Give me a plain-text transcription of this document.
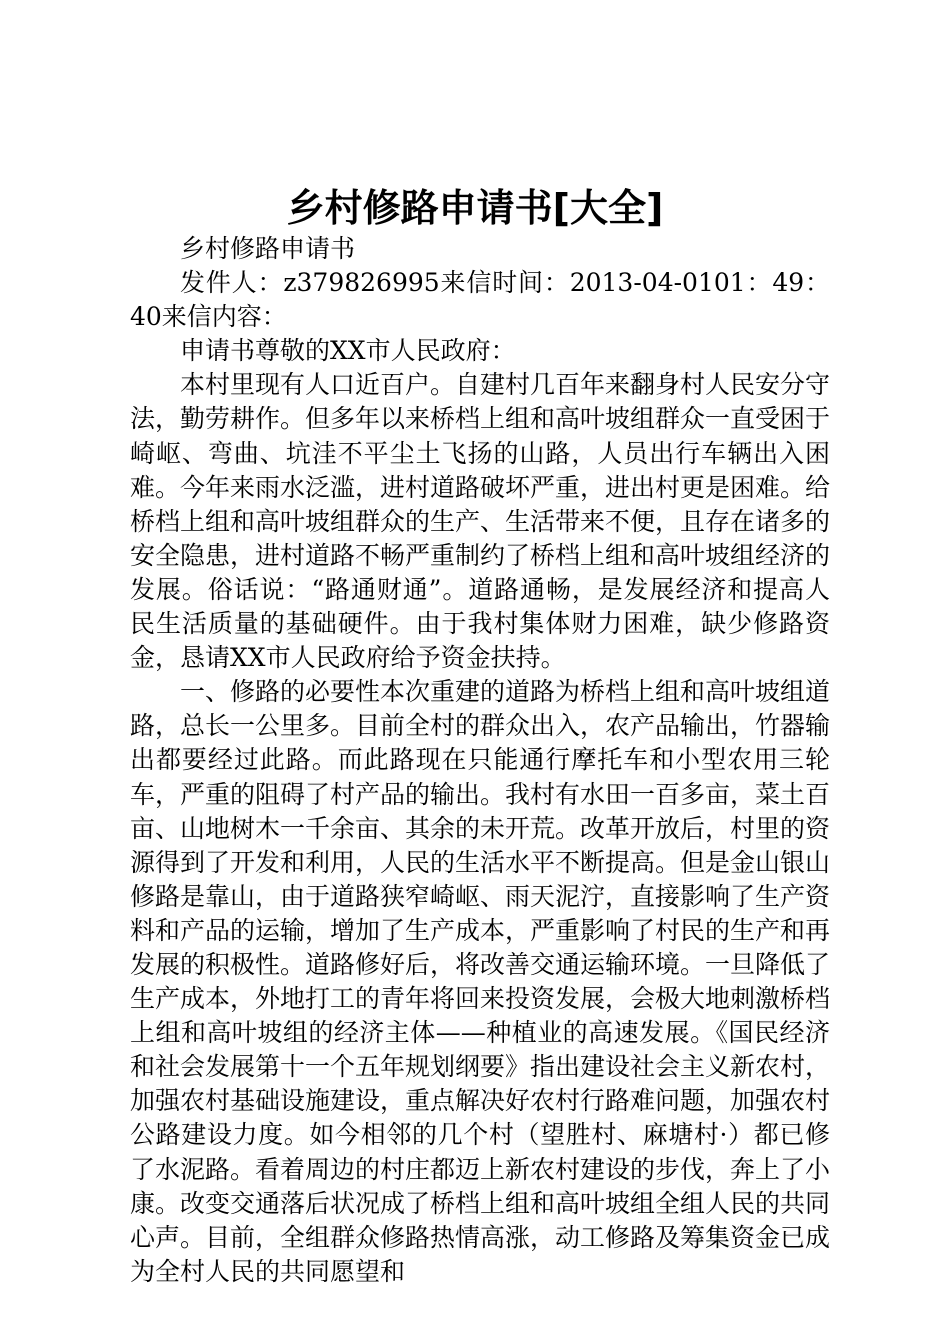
乡村修路申请书[大全]

乡村修路申请书

发件人：z379826995来信时间：2013-04-0101：49：40来信内容：

申请书尊敬的XX市人民政府：

本村里现有人口近百户。自建村几百年来翻身村人民安分守法，勤劳耕作。但多年以来桥档上组和高叶坡组群众一直受困于崎岖、弯曲、坑洼不平尘土飞扬的山路，人员出行车辆出入困难。今年来雨水泛滥，进村道路破坏严重，进出村更是困难。给桥档上组和高叶坡组群众的生产、生活带来不便，且存在诸多的安全隐患，进村道路不畅严重制约了桥档上组和高叶坡组经济的发展。俗话说：“路通财通”。道路通畅，是发展经济和提高人民生活质量的基础硬件。由于我村集体财力困难，缺少修路资金，恳请XX市人民政府给予资金扶持。

一、修路的必要性本次重建的道路为桥档上组和高叶坡组道路，总长一公里多。目前全村的群众出入，农产品输出，竹器输出都要经过此路。而此路现在只能通行摩托车和小型农用三轮车，严重的阻碍了村产品的输出。我村有水田一百多亩，菜土百亩、山地树木一千余亩、其余的未开荒。改革开放后，村里的资源得到了开发和利用，人民的生活水平不断提高。但是金山银山修路是靠山，由于道路狭窄崎岖、雨天泥泞，直接影响了生产资料和产品的运输，增加了生产成本，严重影响了村民的生产和再发展的积极性。道路修好后，将改善交通运输环境。一旦降低了生产成本，外地打工的青年将回来投资发展，会极大地刺激桥档上组和高叶坡组的经济主体——种植业的高速发展。《国民经济和社会发展第十一个五年规划纲要》指出建设社会主义新农村，加强农村基础设施建设，重点解决好农村行路难问题，加强农村公路建设力度。如今相邻的几个村（望胜村、麻塘村·）都已修了水泥路。看着周边的村庄都迈上新农村建设的步伐，奔上了小康。改变交通落后状况成了桥档上组和高叶坡组全组人民的共同心声。目前，全组群众修路热情高涨，动工修路及筹集资金已成为全村人民的共同愿望和
